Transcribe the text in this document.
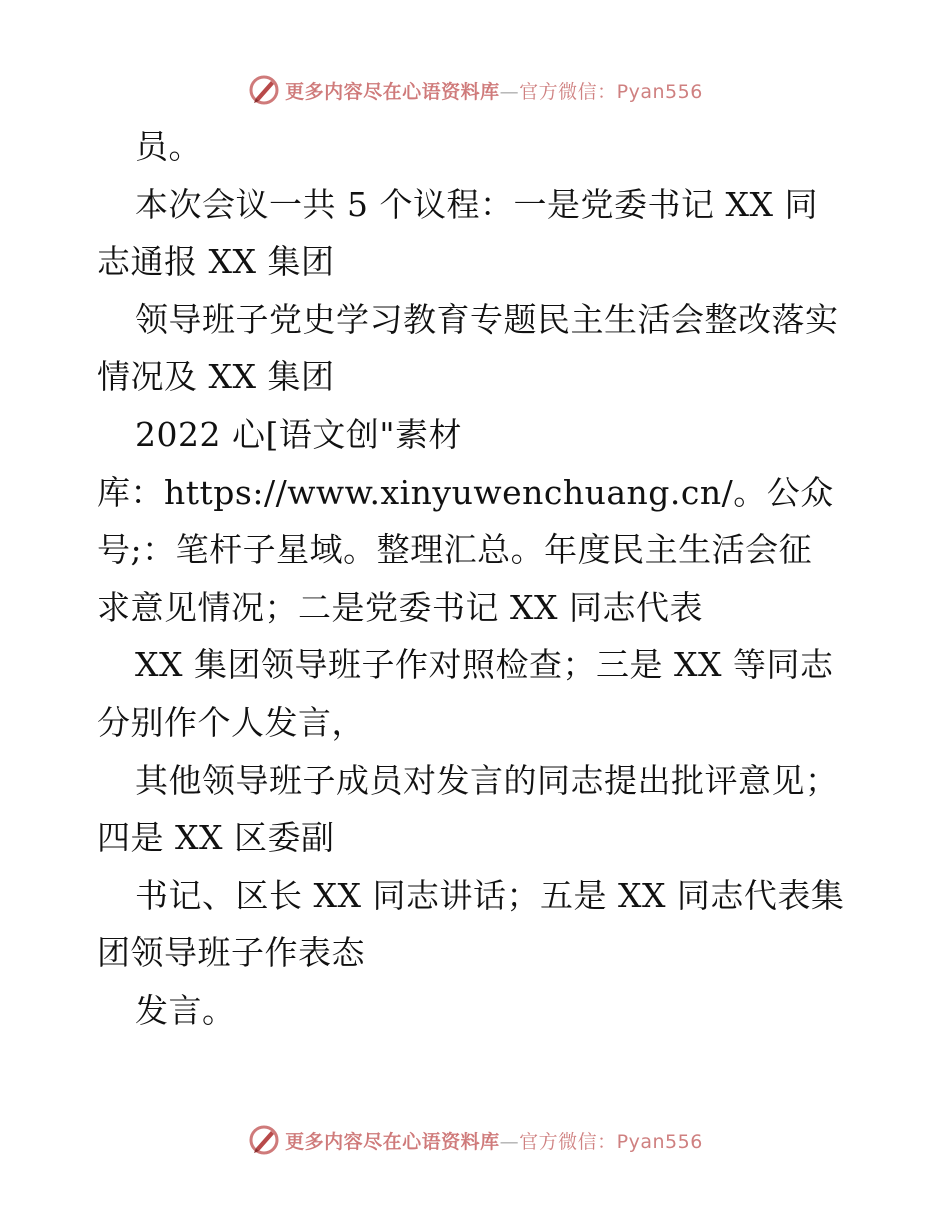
更多内容尽在心语资料库—官方微信：Pyan556
员。
本次会议一共 5 个议程：一是党委书记 XX 同
志通报 XX 集团
领导班子党史学习教育专题民主生活会整改落实
情况及 XX 集团
2022 心[语文创"素材
库：https://www.xinyuwenchuang.cn/。公众
号;：笔杆子星域。整理汇总。年度民主生活会征
求意见情况；二是党委书记 XX 同志代表
XX 集团领导班子作对照检查；三是 XX 等同志
分别作个人发言，
其他领导班子成员对发言的同志提出批评意见；
四是 XX 区委副
书记、区长 XX 同志讲话；五是 XX 同志代表集
团领导班子作表态
发言。
更多内容尽在心语资料库—官方微信：Pyan556
